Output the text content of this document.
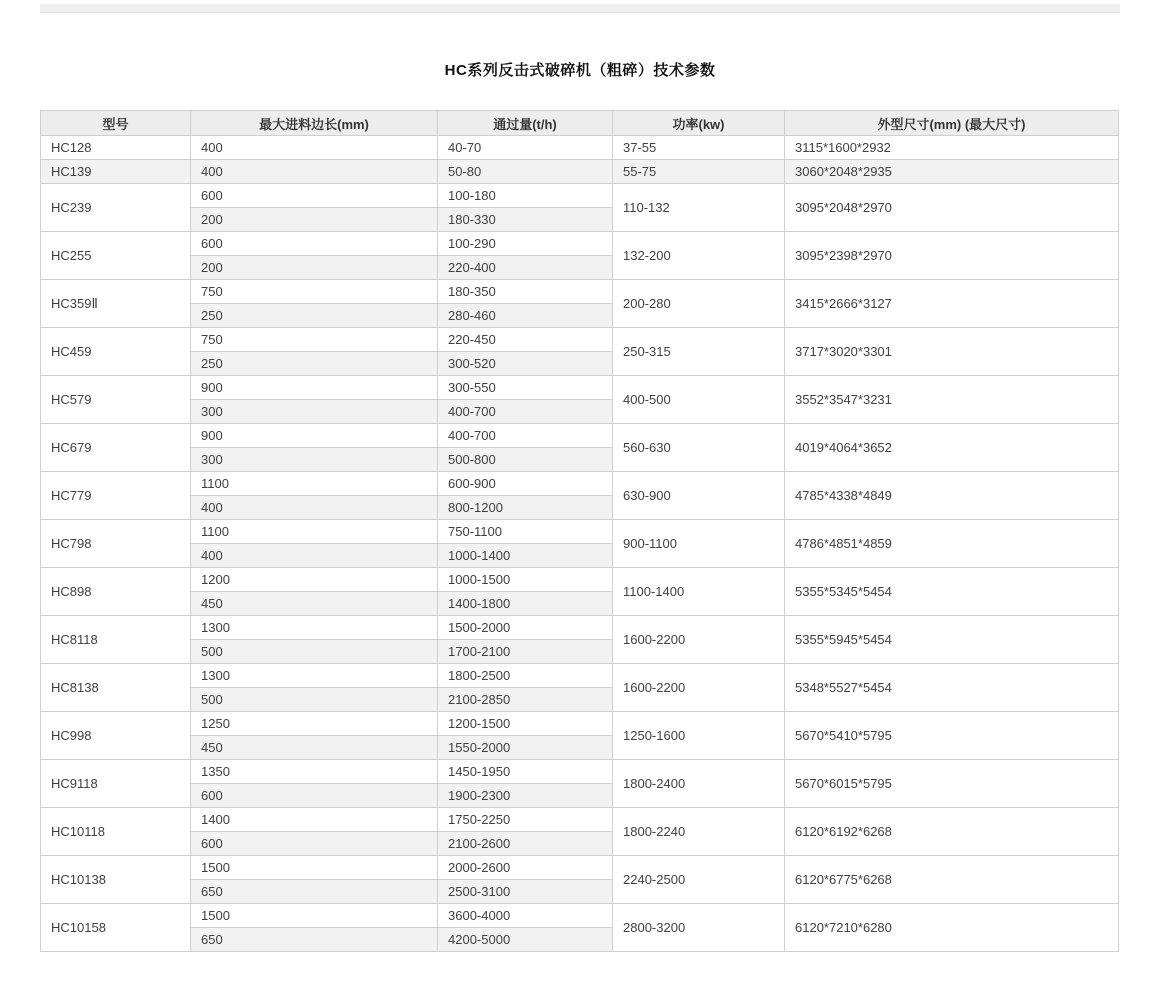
HC系列反击式破碎机（粗碎）技术参数
型号	最大进料边长(mm)	通过量(t/h)	功率(kw)	外型尺寸(mm) (最大尺寸)
HC128	400	40-70	37-55	3115*1600*2932
HC139	400	50-80	55-75	3060*2048*2935
HC239	600	100-180	110-132	3095*2048*2970
	200	180-330		
HC255	600	100-290	132-200	3095*2398*2970
	200	220-400		
HC359Ⅱ	750	180-350	200-280	3415*2666*3127
	250	280-460		
HC459	750	220-450	250-315	3717*3020*3301
	250	300-520		
HC579	900	300-550	400-500	3552*3547*3231
	300	400-700		
HC679	900	400-700	560-630	4019*4064*3652
	300	500-800		
HC779	1100	600-900	630-900	4785*4338*4849
	400	800-1200		
HC798	1100	750-1100	900-1100	4786*4851*4859
	400	1000-1400		
HC898	1200	1000-1500	1100-1400	5355*5345*5454
	450	1400-1800		
HC8118	1300	1500-2000	1600-2200	5355*5945*5454
	500	1700-2100		
HC8138	1300	1800-2500	1600-2200	5348*5527*5454
	500	2100-2850		
HC998	1250	1200-1500	1250-1600	5670*5410*5795
	450	1550-2000		
HC9118	1350	1450-1950	1800-2400	5670*6015*5795
	600	1900-2300		
HC10118	1400	1750-2250	1800-2240	6120*6192*6268
	600	2100-2600		
HC10138	1500	2000-2600	2240-2500	6120*6775*6268
	650	2500-3100		
HC10158	1500	3600-4000	2800-3200	6120*7210*6280
	650	4200-5000		
